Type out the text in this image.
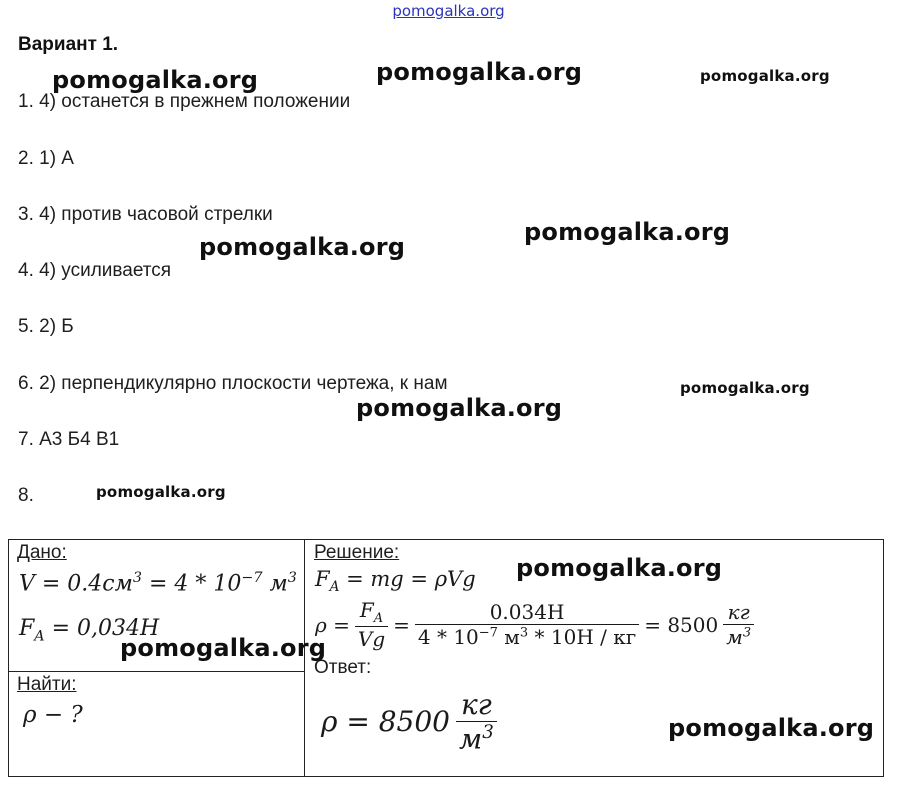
pomogalka.org
Вариант 1.
1. 4) останется в прежнем положении
2. 1) А
3. 4) против часовой стрелки
4. 4) усиливается
5. 2) Б
6. 2) перпендикулярно плоскости чертежа, к нам
7. А3 Б4 В1
8.
Дано:
$V = 0.4см^3 = 4 * 10^{-7}$ $м^3$
$F_A = 0,034Н$
Найти:
ρ − ?
Решение:
$F_A$ = mg = ρVg
$\rho = \frac{F_A}{Vg} = \frac{0.034Н}{4 * 10^{-7} м^3 * 10Н / кг} = 8500 \frac{кг}{м^3}$
Ответ:
$\rho = 8500 \frac{кг}{м^3}$
pomogalka.org	pomogalka.org	pomogalka.org
pomogalka.org
pomogalka.org
pomogalka.org
pomogalka.org
pomogalka.org
pomogalka.org
pomogalka.org
pomogalka.org
